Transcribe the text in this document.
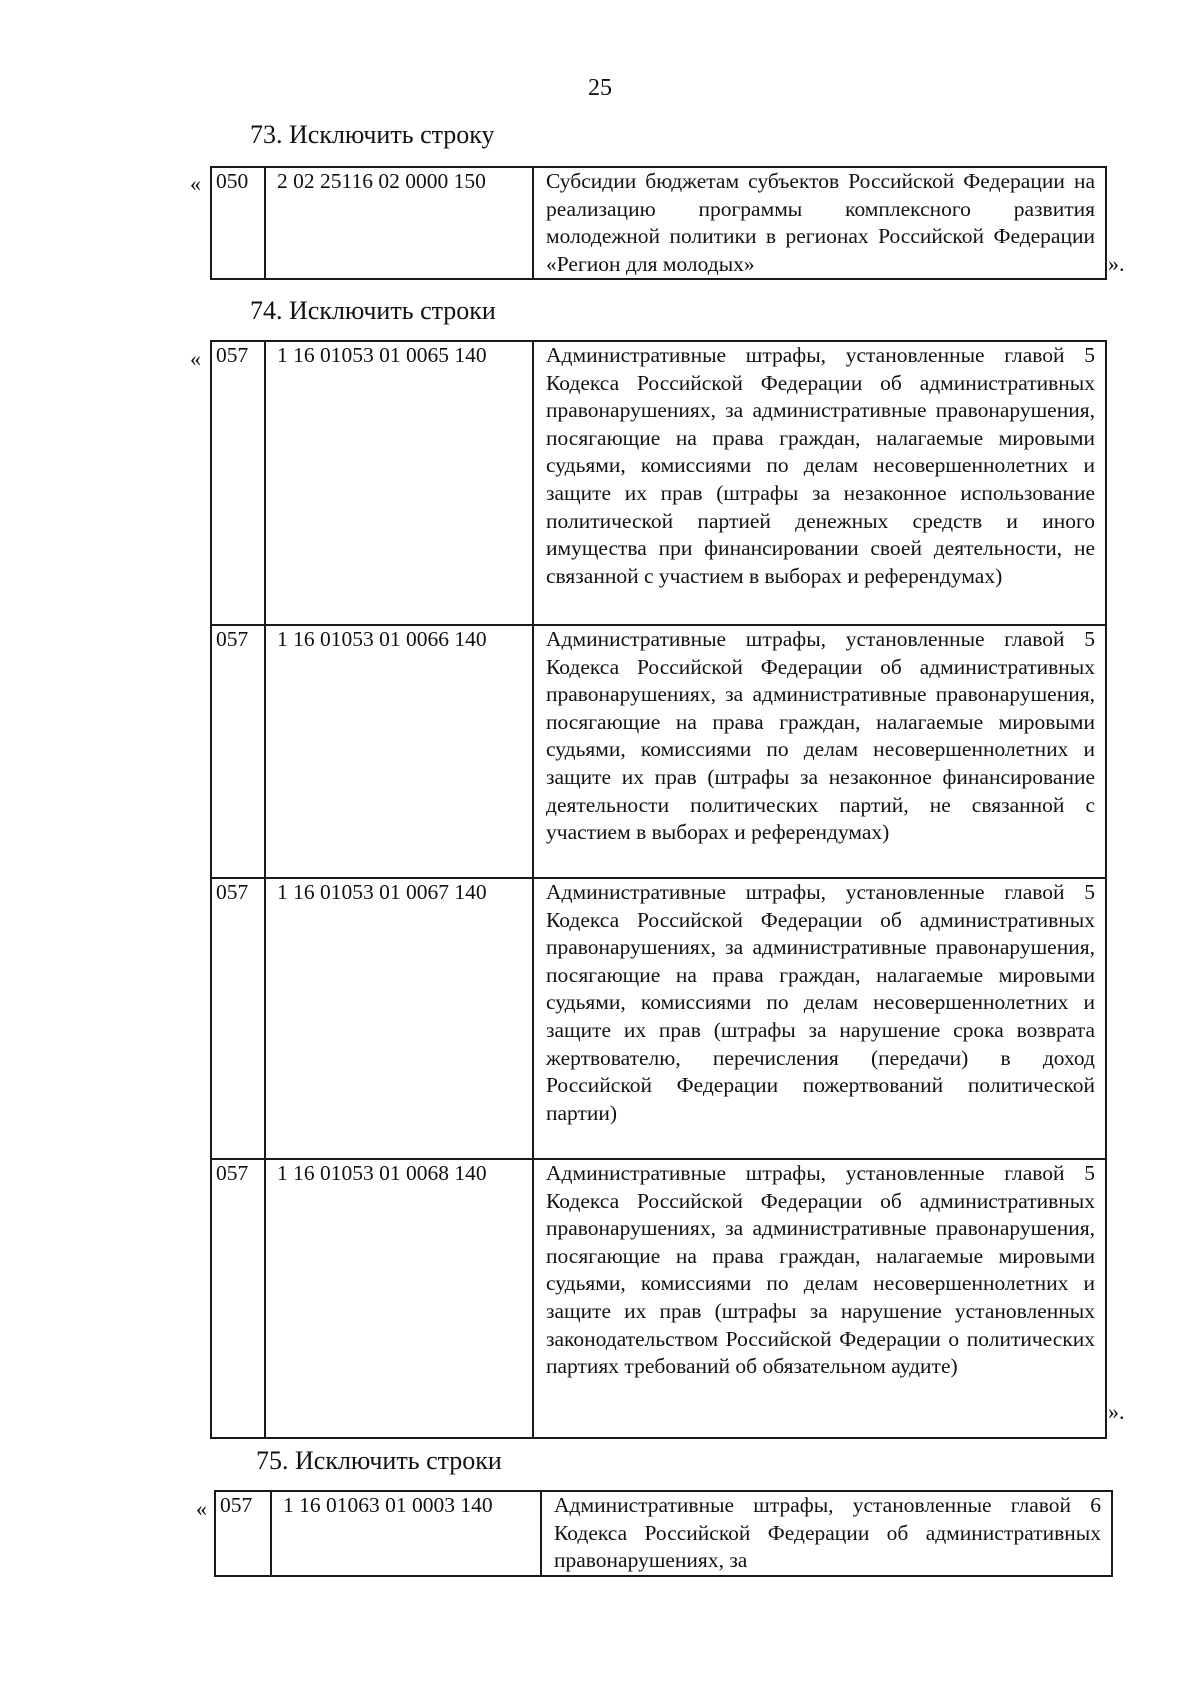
25
73. Исключить строку
« 050	2 02 25116 02 0000 150	Субсидии бюджетам субъектов Российской Федерации на реализацию программы комплексного развития молодежной политики в регионах Российской Федерации «Регион для молодых»	».
74. Исключить строки
« 057	1 16 01053 01 0065 140	Административные штрафы, установленные главой 5 Кодекса Российской Федерации об административных правонарушениях, за административные правонарушения, посягающие на права граждан, налагаемые мировыми судьями, комиссиями по делам несовершеннолетних и защите их прав (штрафы за незаконное использование политической партией денежных средств и иного имущества при финансировании своей деятельности, не связанной с участием в выборах и референдумах)
057	1 16 01053 01 0066 140	Административные штрафы, установленные главой 5 Кодекса Российской Федерации об административных правонарушениях, за административные правонарушения, посягающие на права граждан, налагаемые мировыми судьями, комиссиями по делам несовершеннолетних и защите их прав (штрафы за незаконное финансирование деятельности политических партий, не связанной с участием в выборах и референдумах)
057	1 16 01053 01 0067 140	Административные штрафы, установленные главой 5 Кодекса Российской Федерации об административных правонарушениях, за административные правонарушения, посягающие на права граждан, налагаемые мировыми судьями, комиссиями по делам несовершеннолетних и защите их прав (штрафы за нарушение срока возврата жертвователю, перечисления (передачи) в доход Российской Федерации пожертвований политической партии)
057	1 16 01053 01 0068 140	Административные штрафы, установленные главой 5 Кодекса Российской Федерации об административных правонарушениях, за административные правонарушения, посягающие на права граждан, налагаемые мировыми судьями, комиссиями по делам несовершеннолетних и защите их прав (штрафы за нарушение установленных законодательством Российской Федерации о политических партиях требований об обязательном аудите)
».
75. Исключить строки
« 057	1 16 01063 01 0003 140	Административные штрафы, установленные главой 6 Кодекса Российской Федерации об административных правонарушениях, за
